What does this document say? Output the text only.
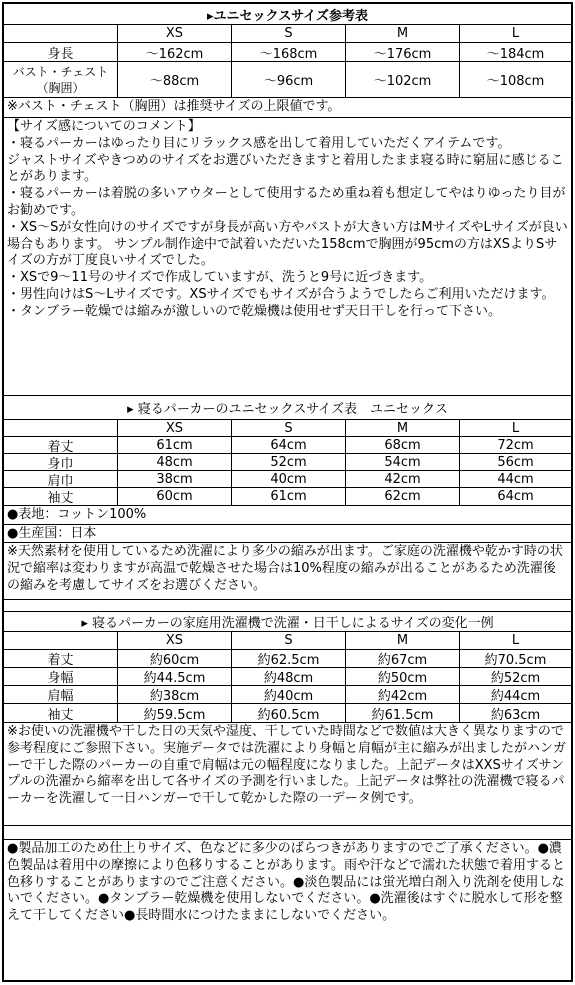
▸ユニセックスサイズ参考表
XS	S	M	L
身長	～162cm	～168cm	～176cm	～184cm
バスト・チェスト
（胸囲）	～88cm	～96cm	～102cm	～108cm

※バスト・チェスト（胸囲）は推奨サイズの上限値です。

【サイズ感についてのコメント】

・寝るパーカーはゆったり目にリラックス感を出して着用していただくアイテムです。

ジャストサイズやきつめのサイズをお選びいただきますと着用したまま寝る時に窮屈に感じることがあります。

・寝るパーカーは着脱の多いアウターとして使用するため重ね着も想定してやはりゆったり目がお勧めです。

・XS～Sが女性向けのサイズですが身長が高い方やバストが大きい方はMサイズやLサイズが良い場合もあります。 サンプル制作途中で試着いただいた158cmで胸囲が95cmの方はXSよりSサイズの方が丁度良いサイズでした。

・XSで9～11号のサイズで作成していますが、洗うと9号に近づきます。

・男性向けはS～Lサイズです。XSサイズでもサイズが合うようでしたらご利用いただけます。

・タンブラー乾燥では縮みが激しいので乾燥機は使用せず天日干しを行って下さい。

▸ 寝るパーカーのユニセックスサイズ表　ユニセックス
XS	S	M	L
着丈	61cm	64cm	68cm	72cm
身巾	48cm	52cm	54cm	56cm
肩巾	38cm	40cm	42cm	44cm
袖丈	60cm	61cm	62cm	64cm

●表地：コットン100%

●生産国：日本

※天然素材を使用しているため洗濯により多少の縮みが出ます。ご家庭の洗濯機や乾かす時の状況で縮率は変わりますが高温で乾燥させた場合は10%程度の縮みが出ることがあるため洗濯後の縮みを考慮してサイズをお選びください。

▸ 寝るパーカーの家庭用洗濯機で洗濯・日干しによるサイズの変化一例
XS	S	M	L
着丈	約60cm	約62.5cm	約67cm	約70.5cm
身幅	約44.5cm	約48cm	約50cm	約52cm
肩幅	約38cm	約40cm	約42cm	約44cm
袖丈	約59.5cm	約60.5cm	約61.5cm	約63cm

※お使いの洗濯機や干した日の天気や湿度、干していた時間などで数値は大きく異なりますので参考程度にご参照下さい。実施データでは洗濯により身幅と肩幅が主に縮みが出ましたがハンガーで干した際のパーカーの自重で肩幅は元の幅程度になりました。上記データはXXSサイズサンプルの洗濯から縮率を出して各サイズの予測を行いました。上記データは弊社の洗濯機で寝るパーカーを洗濯して一日ハンガーで干して乾かした際の一データ例です。

●製品加工のため仕上りサイズ、色などに多少のばらつきがありますのでご了承ください。●濃色製品は着用中の摩擦により色移りすることがあります。雨や汗などで濡れた状態で着用すると色移りすることがありますのでご注意ください。●淡色製品には蛍光増白剤入り洗剤を使用しないでください。●タンブラー乾燥機を使用しないでください。●洗濯後はすぐに脱水して形を整えて干してください●長時間水につけたままにしないでください。
